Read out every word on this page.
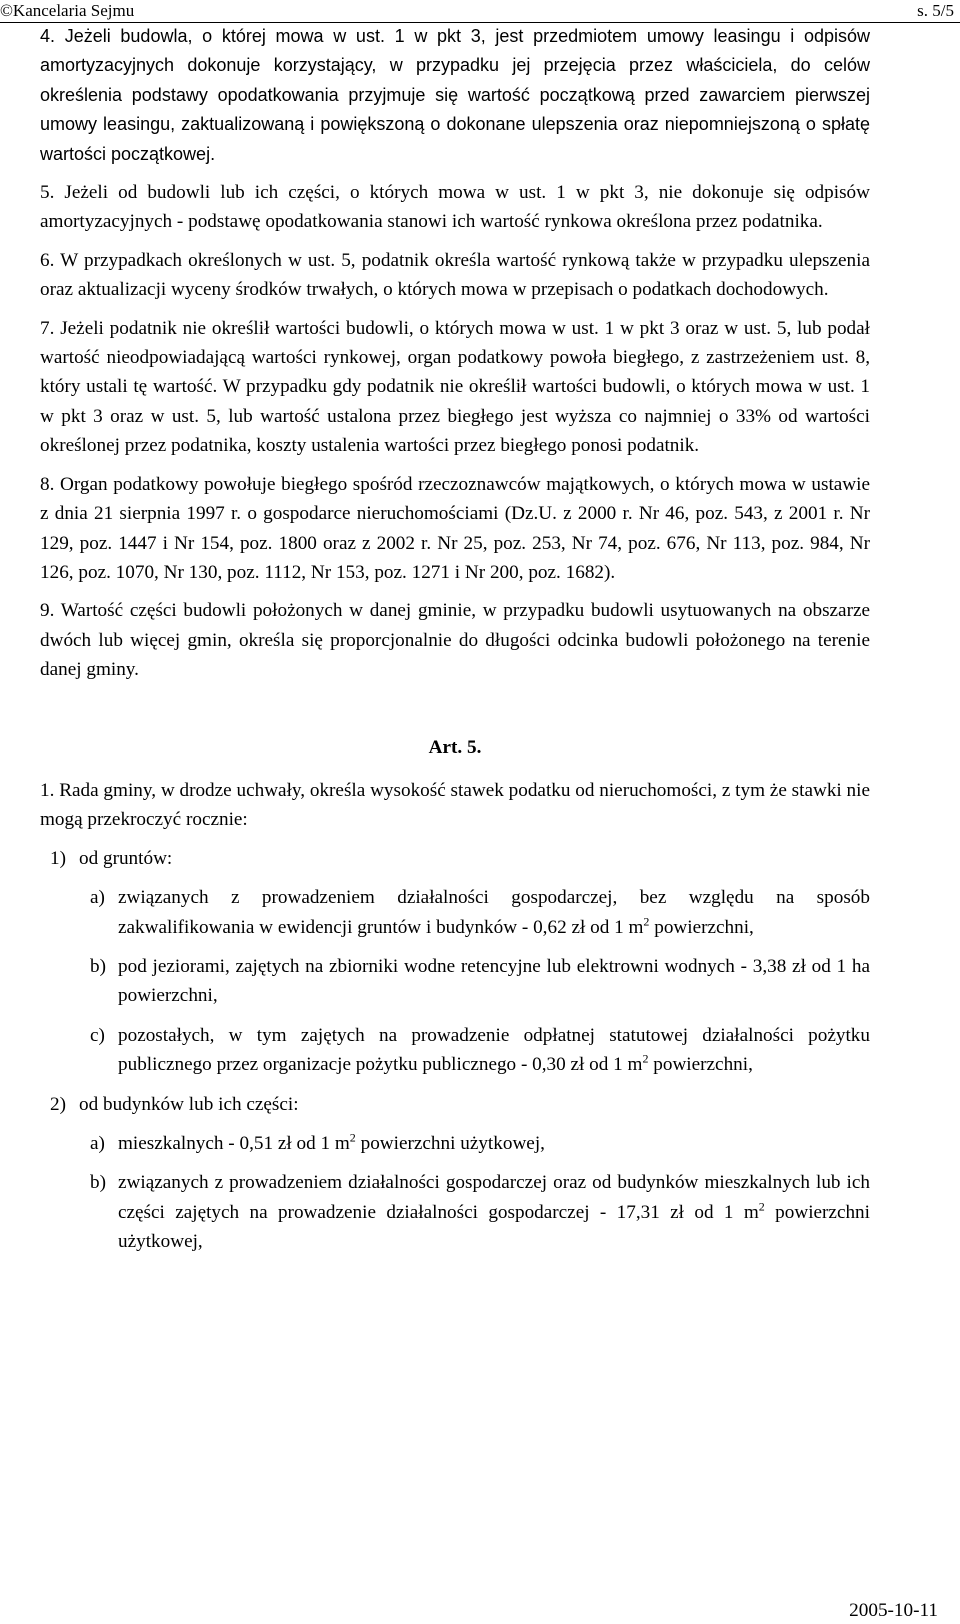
©Kancelaria Sejmu	s. 5/5

4. Jeżeli budowla, o której mowa w ust. 1 w pkt 3, jest przedmiotem umowy leasingu i odpisów amortyzacyjnych dokonuje korzystający, w przypadku jej przejęcia przez właściciela, do celów określenia podstawy opodatkowania przyjmuje się wartość początkową przed zawarciem pierwszej umowy leasingu, zaktualizowaną i powiększoną o dokonane ulepszenia oraz niepomniejszoną o spłatę wartości początkowej.

5. Jeżeli od budowli lub ich części, o których mowa w ust. 1 w pkt 3, nie dokonuje się odpisów amortyzacyjnych - podstawę opodatkowania stanowi ich wartość rynkowa określona przez podatnika.

6. W przypadkach określonych w ust. 5, podatnik określa wartość rynkową także w przypadku ulepszenia oraz aktualizacji wyceny środków trwałych, o których mowa w przepisach o podatkach dochodowych.

7. Jeżeli podatnik nie określił wartości budowli, o których mowa w ust. 1 w pkt 3 oraz w ust. 5, lub podał wartość nieodpowiadającą wartości rynkowej, organ podatkowy powoła biegłego, z zastrzeżeniem ust. 8, który ustali tę wartość. W przypadku gdy podatnik nie określił wartości budowli, o których mowa w ust. 1 w pkt 3 oraz w ust. 5, lub wartość ustalona przez biegłego jest wyższa co najmniej o 33% od wartości określonej przez podatnika, koszty ustalenia wartości przez biegłego ponosi podatnik.

8. Organ podatkowy powołuje biegłego spośród rzeczoznawców majątkowych, o których mowa w ustawie z dnia 21 sierpnia 1997 r. o gospodarce nieruchomościami (Dz.U. z 2000 r. Nr 46, poz. 543, z 2001 r. Nr 129, poz. 1447 i Nr 154, poz. 1800 oraz z 2002 r. Nr 25, poz. 253, Nr 74, poz. 676, Nr 113, poz. 984, Nr 126, poz. 1070, Nr 130, poz. 1112, Nr 153, poz. 1271 i Nr 200, poz. 1682).

9. Wartość części budowli położonych w danej gminie, w przypadku budowli usytuowanych na obszarze dwóch lub więcej gmin, określa się proporcjonalnie do długości odcinka budowli położonego na terenie danej gminy.

Art. 5.

1. Rada gminy, w drodze uchwały, określa wysokość stawek podatku od nieruchomości, z tym że stawki nie mogą przekroczyć rocznie:

1) od gruntów:
a) związanych z prowadzeniem działalności gospodarczej, bez względu na sposób zakwalifikowania w ewidencji gruntów i budynków - 0,62 zł od 1 $m^2$ powierzchni,
b) pod jeziorami, zajętych na zbiorniki wodne retencyjne lub elektrowni wodnych - 3,38 zł od 1 ha powierzchni,
c) pozostałych, w tym zajętych na prowadzenie odpłatnej statutowej działalności pożytku publicznego przez organizacje pożytku publicznego - 0,30 zł od 1 $m^2$ powierzchni,
2) od budynków lub ich części:
a) mieszkalnych - 0,51 zł od 1 $m^2$ powierzchni użytkowej,
b) związanych z prowadzeniem działalności gospodarczej oraz od budynków mieszkalnych lub ich części zajętych na prowadzenie działalności gospodarczej - 17,31 zł od 1 $m^2$ powierzchni użytkowej,
2005-10-11
